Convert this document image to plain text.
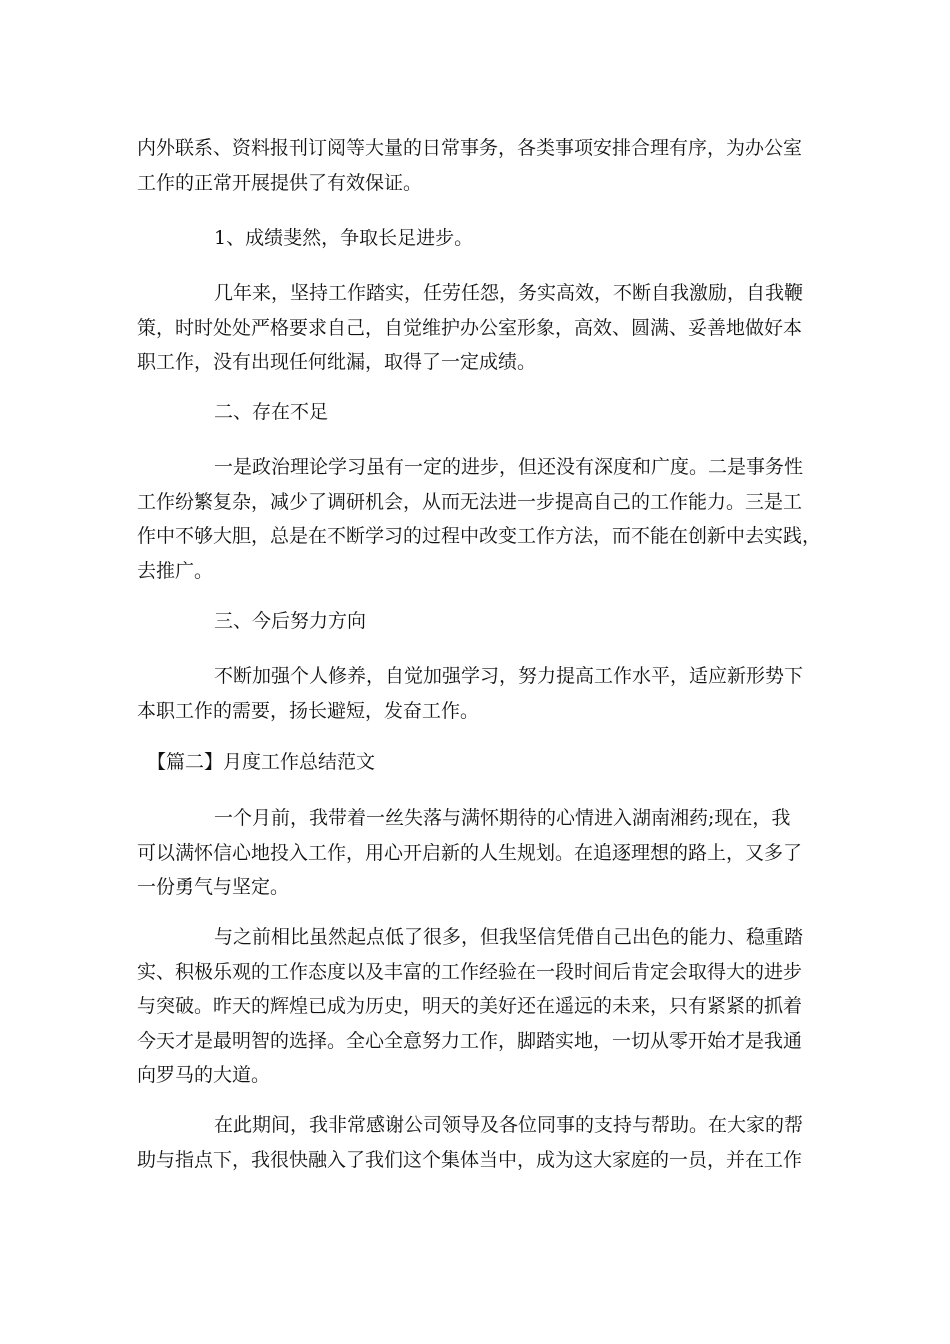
内外联系、资料报刊订阅等大量的日常事务，各类事项安排合理有序，为办公室
工作的正常开展提供了有效保证。
1、成绩斐然，争取长足进步。
几年来，坚持工作踏实，任劳任怨，务实高效，不断自我激励，自我鞭
策，时时处处严格要求自己，自觉维护办公室形象，高效、圆满、妥善地做好本
职工作，没有出现任何纰漏，取得了一定成绩。
二、存在不足
一是政治理论学习虽有一定的进步，但还没有深度和广度。二是事务性
工作纷繁复杂，减少了调研机会，从而无法进一步提高自己的工作能力。三是工
作中不够大胆，总是在不断学习的过程中改变工作方法，而不能在创新中去实践，
去推广。
三、今后努力方向
不断加强个人修养，自觉加强学习，努力提高工作水平，适应新形势下
本职工作的需要，扬长避短，发奋工作。
【篇二】月度工作总结范文
一个月前，我带着一丝失落与满怀期待的心情进入湖南湘药;现在，我
可以满怀信心地投入工作，用心开启新的人生规划。在追逐理想的路上，又多了
一份勇气与坚定。
与之前相比虽然起点低了很多，但我坚信凭借自己出色的能力、稳重踏
实、积极乐观的工作态度以及丰富的工作经验在一段时间后肯定会取得大的进步
与突破。昨天的辉煌已成为历史，明天的美好还在遥远的未来，只有紧紧的抓着
今天才是最明智的选择。全心全意努力工作，脚踏实地，一切从零开始才是我通
向罗马的大道。
在此期间，我非常感谢公司领导及各位同事的支持与帮助。在大家的帮
助与指点下，我很快融入了我们这个集体当中，成为这大家庭的一员，并在工作
